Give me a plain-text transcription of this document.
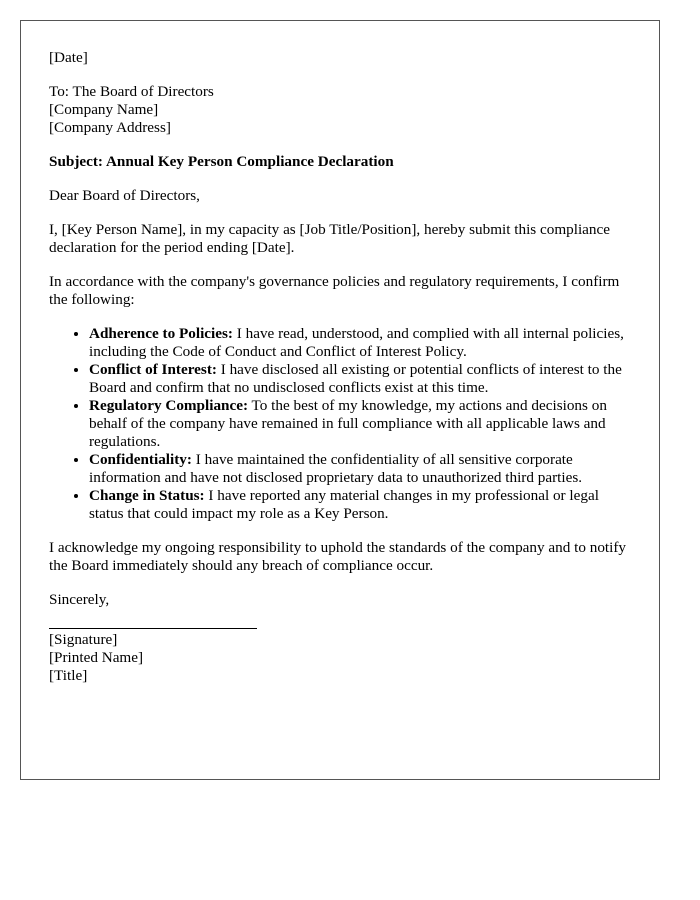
[Date]
To: The Board of Directors
[Company Name]
[Company Address]
Subject: Annual Key Person Compliance Declaration
Dear Board of Directors,
I, [Key Person Name], in my capacity as [Job Title/Position], hereby submit this compliance declaration for the period ending [Date].
In accordance with the company's governance policies and regulatory requirements, I confirm the following:
• Adherence to Policies: I have read, understood, and complied with all internal policies, including the Code of Conduct and Conflict of Interest Policy.
• Conflict of Interest: I have disclosed all existing or potential conflicts of interest to the Board and confirm that no undisclosed conflicts exist at this time.
• Regulatory Compliance: To the best of my knowledge, my actions and decisions on behalf of the company have remained in full compliance with all applicable laws and regulations.
• Confidentiality: I have maintained the confidentiality of all sensitive corporate information and have not disclosed proprietary data to unauthorized third parties.
• Change in Status: I have reported any material changes in my professional or legal status that could impact my role as a Key Person.
I acknowledge my ongoing responsibility to uphold the standards of the company and to notify the Board immediately should any breach of compliance occur.
Sincerely,
[Signature]
[Printed Name]
[Title]
